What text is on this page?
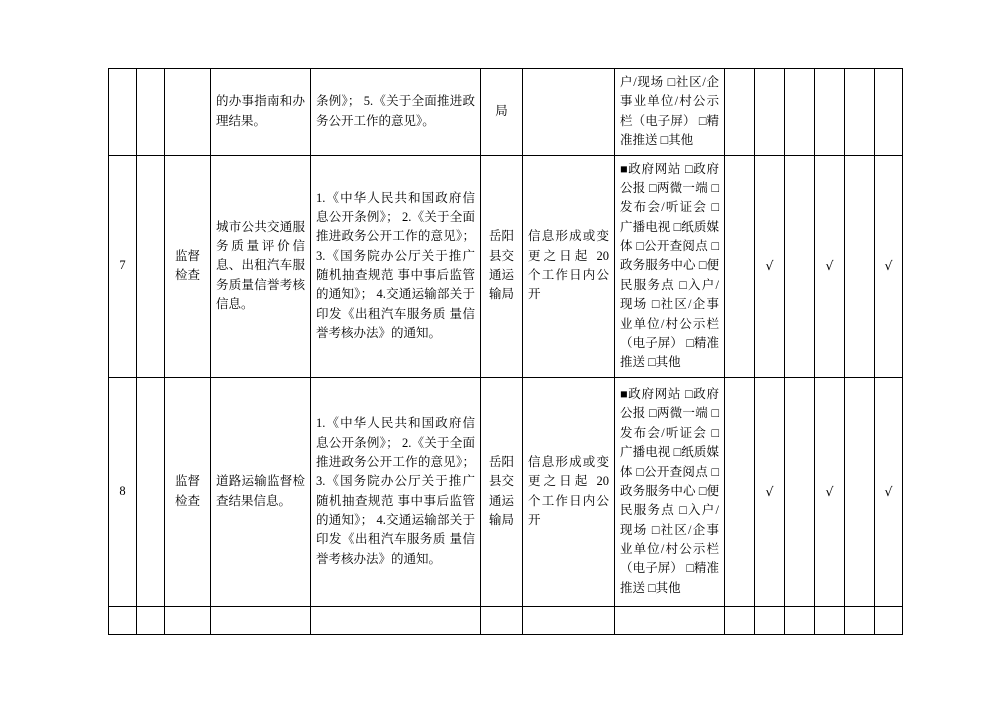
			的办事指南和办理结果。	条例》； 5.《关于全面推进政务公开工作的意见》。	局		户/现场 □社区/企事业单位/村公示栏（电子屏） □精准推送 □其他						
7		监督检查	城市公共交通服务质量评价信息、出租汽车服务质量信誉考核信息。	1.《中华人民共和国政府信息公开条例》； 2.《关于全面推进政务公开工作的意见》； 3.《国务院办公厅关于推广随机抽查规范 事中事后监管的通知》； 4.交通运输部关于印发《出租汽车服务质 量信誉考核办法》的通知。	岳阳县交通运输局	信息形成或变更之日起 20 个工作日内公开	■政府网站 □政府公报 □两微一端 □发布会/听证会 □广播电视 □纸质媒体 □公开查阅点 □政务服务中心 □便民服务点 □入户/现场 □社区/企事业单位/村公示栏（电子屏） □精准推送 □其他		√		√		√
8		监督检查	道路运输监督检查结果信息。	1.《中华人民共和国政府信息公开条例》； 2.《关于全面推进政务公开工作的意见》； 3.《国务院办公厅关于推广随机抽查规范 事中事后监管的通知》； 4.交通运输部关于印发《出租汽车服务质 量信誉考核办法》的通知。	岳阳县交通运输局	信息形成或变更之日起 20 个工作日内公开	■政府网站 □政府公报 □两微一端 □发布会/听证会 □广播电视 □纸质媒体 □公开查阅点 □政务服务中心 □便民服务点 □入户/现场 □社区/企事业单位/村公示栏（电子屏） □精准推送 □其他		√		√		√
